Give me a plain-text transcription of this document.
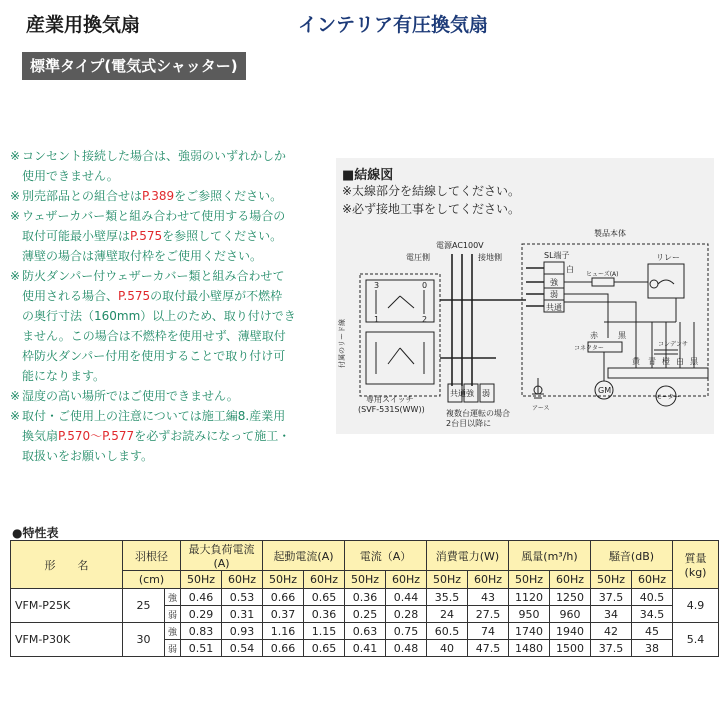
産業用換気扇	インテリア有圧換気扇
標準タイプ(電気式シャッター)
※ コンセント接続した場合は、強弱のいずれかしか
使用できません。
※ 別売部品との組合せはP.389をご参照ください。
※ ウェザーカバー類と組み合わせて使用する場合の
取付可能最小壁厚はP.575を参照してください。
薄壁の場合は薄壁取付枠をご使用ください。
※ 防火ダンパー付ウェザーカバー類と組み合わせて
使用される場合、P.575の取付最小壁厚が不燃枠
の奥行寸法（160mm）以上のため、取り付けでき
ません。この場合は不燃枠を使用せず、薄壁取付
枠防火ダンパー付用を使用することで取り付け可
能になります。
※ 湿度の高い場所ではご使用できません。
※ 取付・ご使用上の注意については施工編8.産業用
換気扇P.570～P.577を必ずお読みになって施工・
取扱いをお願いします。
■結線図
※太線部分を結線してください。
※必ず接地工事をしてください。
電源AC100V
電圧側	接地側
製品本体
SL端子
白
強
弱
共通
リレー
ヒューズ(A)
コンデンサ
コネクター
付属のリード線
専用スイッチ
(SVF-531S(WW))	複数台運転の場合
2台目以降に
アース
GM
モーター
共通 強 弱
赤	黒
黄 青 橙 白 黒
3	0
1	2
●特性表
形　　名	羽根径		最大負荷電流(A)		起動電流(A)		電流（A）		消費電力(W)		風量(m³/h)		騒音(dB)		質量
(kg)

	(cm)		50Hz	60Hz	50Hz	60Hz	50Hz	60Hz	50Hz	60Hz	50Hz	60Hz	50Hz	60Hz	
VFM-P25K	25	強	0.46	0.53	0.66	0.65	0.36	0.44	35.5	43	1120	1250	37.5	40.5	4.9
		弱	0.29	0.31	0.37	0.36	0.25	0.28	24	27.5	950	960	34	34.5	
VFM-P30K	30	強	0.83	0.93	1.16	1.15	0.63	0.75	60.5	74	1740	1940	42	45	5.4
		弱	0.51	0.54	0.66	0.65	0.41	0.48	40	47.5	1480	1500	37.5	38	
